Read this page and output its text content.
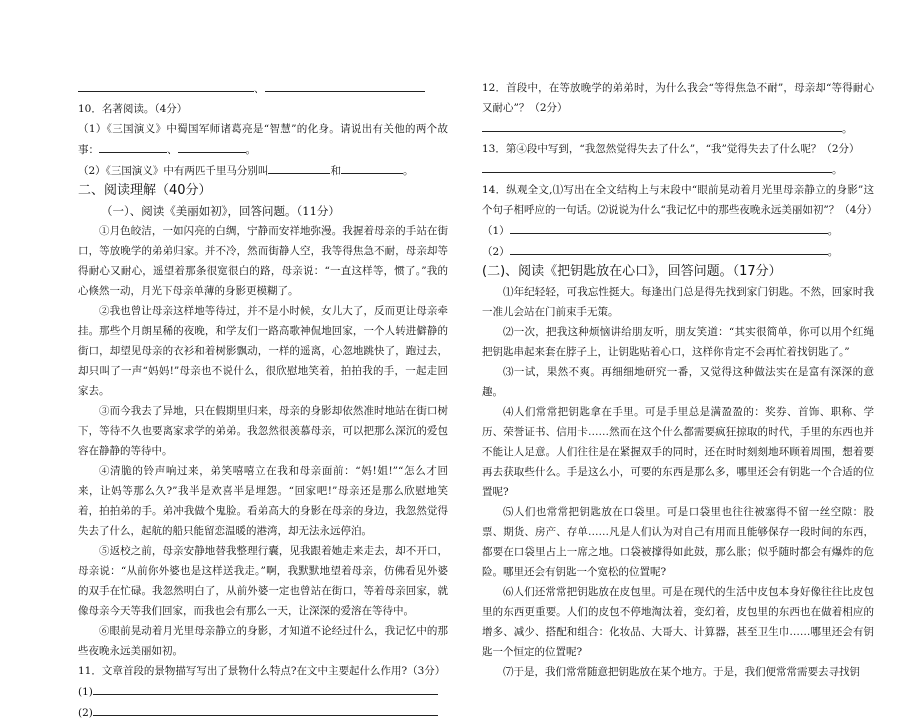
、
10．名著阅读。（4分）
（1）《三国演义》中蜀国军师诸葛亮是“智慧”的化身。请说出有关他的两个故事：	、	。
（2）《三国演义》中有两匹千里马分别叫	和	。
二、阅读理解（40分）
（一）、阅读《美丽如初》，回答问题。（11分）
①月色皎洁，一如闪亮的白绸，宁静而安祥地弥漫。我握着母亲的手站在街口，等放晚学的弟弟归家。并不冷，然而街静人空，我等得焦急不耐，母亲却等得耐心又耐心，遥望着那条很宽很白的路，母亲说：“一直这样等，惯了。”我的心倏然一动，月光下母亲单薄的身影更模糊了。
②我也曾让母亲这样地等待过，并不是小时候，女儿大了，反而更让母亲牵挂。那些个月朗星稀的夜晚，和学友们一路高歌神侃地回家，一个人转进僻静的街口，却望见母亲的衣衫和着树影飘动，一样的遥离，心忽地跳快了，跑过去，却只叫了一声“妈妈!”母亲也不说什么，很欣慰地笑着，拍拍我的手，一起走回家去。
③而今我去了异地，只在假期里归来，母亲的身影却依然准时地站在街口树下，等待不久也要离家求学的弟弟。我忽然很羡慕母亲，可以把那么深沉的爱包容在静静的等待中。
④清脆的铃声响过来，弟笑嘻嘻立在我和母亲面前：“妈!姐!”“怎么才回来，让妈等那么久?”我半是欢喜半是埋怨。“回家吧!”母亲还是那么欣慰地笑着，拍拍弟的手。弟冲我做个鬼脸。看弟高大的身影在母亲的身边，我忽然觉得失去了什么，起航的船只能留恋温暖的港湾，却无法永远停泊。
⑤返校之前，母亲安静地替我整理行囊，见我跟着她走来走去，却不开口，母亲说：“从前你外婆也是这样送我走。”啊，我默默地望着母亲，仿佛看见外婆的双手在忙碌。我忽然明白了，从前外婆一定也曾站在街口，等着母亲回家，就像母亲今天等我们回家，而我也会有那么一天，让深深的爱溶在等待中。
⑥眼前晃动着月光里母亲静立的身影，才知道不论经过什么，我记忆中的那些夜晚永远美丽如初。
11．文章首段的景物描写写出了景物什么特点?在文中主要起什么作用?（3分）
(1)
(2)
12．首段中，在等放晚学的弟弟时，为什么我会“等得焦急不耐”，母亲却“等得耐心又耐心”？（2分）
。
13．第④段中写到，“我忽然觉得失去了什么”，“我”觉得失去了什么呢？（2分）
。
14．纵观全文,⑴写出在全文结构上与末段中“眼前晃动着月光里母亲静立的身影”这个句子相呼应的一句话。⑵说说为什么“我记忆中的那些夜晚永远美丽如初”？（4分）
（1）	。
（2）	。
(二)、阅读《把钥匙放在心口》，回答问题。（17分）
⑴年纪轻轻，可我忘性挺大。每逢出门总是得先找到家门钥匙。不然，回家时我一准儿会站在门前束手无策。
⑵一次，把我这种烦恼讲给朋友听，朋友笑道：“其实很简单，你可以用个红绳把钥匙串起来套在脖子上，让钥匙贴着心口，这样你肯定不会再忙着找钥匙了。”
⑶一试，果然不爽。再细细地研究一番，又觉得这种做法实在是富有深深的意趣。
⑷人们常常把钥匙拿在手里。可是手里总是满盈盈的：奖券、首饰、职称、学历、荣誉证书、信用卡……然而在这个什么都需要疯狂掠取的时代，手里的东西也并不能让人足意。人们往往是在紧握双手的同时，还在时时刻刻地环顾着周围，想着要再去获取些什么。手是这么小，可要的东西是那么多，哪里还会有钥匙一个合适的位置呢?
⑸人们也常常把钥匙放在口袋里。可是口袋里也往往被塞得不留一丝空隙：股票、期货、房产、存单……凡是人们认为对自己有用而且能够保存一段时间的东西，都要在口袋里占上一席之地。口袋被撑得如此鼓，那么胀；似乎随时都会有爆炸的危险。哪里还会有钥匙一个宽松的位置呢?
⑹人们还常常把钥匙放在皮包里。可是在现代的生活中皮包本身好像往往比皮包里的东西更重要。人们的皮包不停地淘汰着，变幻着，皮包里的东西也在做着相应的增多、减少、搭配和组合：化妆品、大哥大、计算器，甚至卫生巾……哪里还会有钥匙一个恒定的位置呢?
⑺于是，我们常常随意把钥匙放在某个地方。于是，我们便常常需要去寻找钥
